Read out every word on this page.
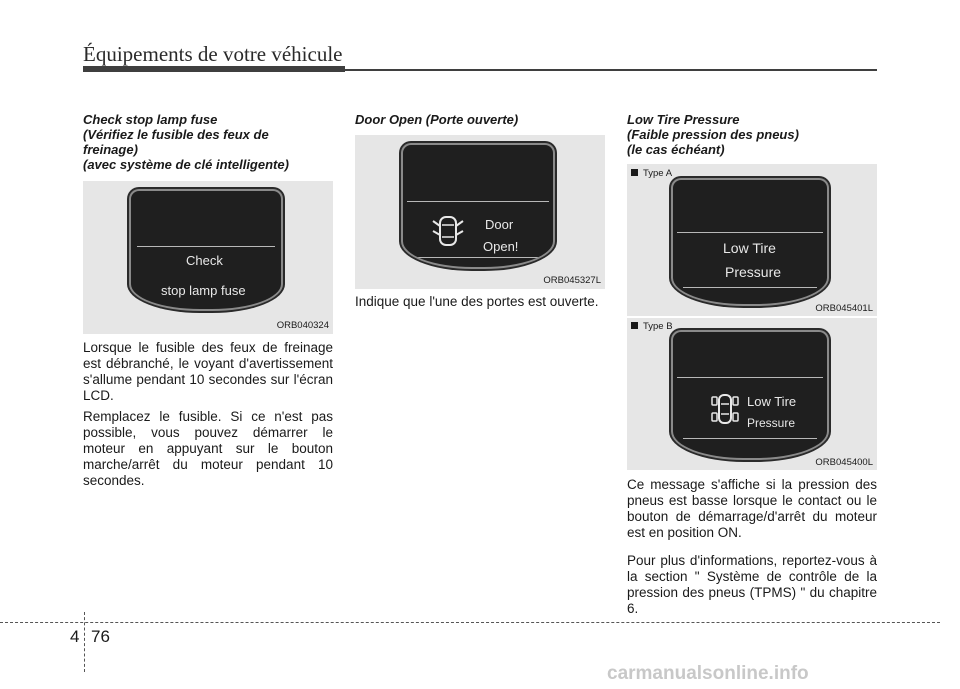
Équipements de votre véhicule
Check stop lamp fuse
(Vérifiez le fusible des feux de
freinage)
(avec système de clé intelligente)
Check
stop lamp fuse
ORB040324

Lorsque le fusible des feux de freinage est débranché, le voyant d'avertissement s'allume pendant 10 secondes sur l'écran LCD.

Remplacez le fusible. Si ce n'est pas possible, vous pouvez démarrer le moteur en appuyant sur le bouton marche/arrêt du moteur pendant 10 secondes.

Door Open (Porte ouverte)
Door
Open!
ORB045327L

Indique que l'une des portes est ouverte.

Low Tire Pressure
(Faible pression des pneus)
(le cas échéant)
Type A
Low Tire
Pressure
ORB045401L
Type B
Low Tire
Pressure
ORB045400L

Ce message s'affiche si la pression des pneus est basse lorsque le contact ou le bouton de démarrage/d'arrêt du moteur est en position ON.

Pour plus d'informations, reportez-vous à la section " Système de contrôle de la pression des pneus (TPMS) " du chapitre 6.

4 76
carmanualsonline.info
